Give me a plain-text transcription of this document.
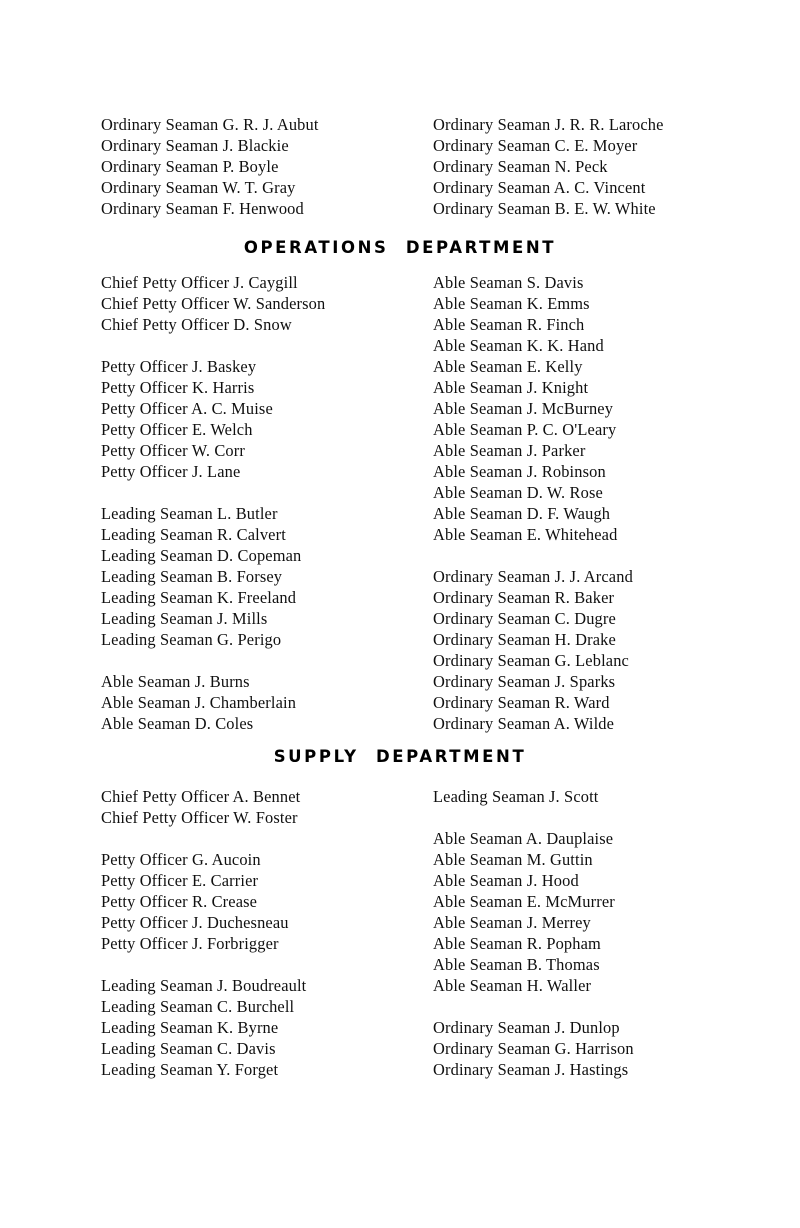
Ordinary Seaman G. R. J. Aubut
Ordinary Seaman J. Blackie
Ordinary Seaman P. Boyle
Ordinary Seaman W. T. Gray
Ordinary Seaman F. Henwood
Ordinary Seaman J. R. R. Laroche
Ordinary Seaman C. E. Moyer
Ordinary Seaman N. Peck
Ordinary Seaman A. C. Vincent
Ordinary Seaman B. E. W. White
OPERATIONS DEPARTMENT
Chief Petty Officer J. Caygill
Chief Petty Officer W. Sanderson
Chief Petty Officer D. Snow
Petty Officer J. Baskey
Petty Officer K. Harris
Petty Officer A. C. Muise
Petty Officer E. Welch
Petty Officer W. Corr
Petty Officer J. Lane
Leading Seaman L. Butler
Leading Seaman R. Calvert
Leading Seaman D. Copeman
Leading Seaman B. Forsey
Leading Seaman K. Freeland
Leading Seaman J. Mills
Leading Seaman G. Perigo
Able Seaman J. Burns
Able Seaman J. Chamberlain
Able Seaman D. Coles
Able Seaman S. Davis
Able Seaman K. Emms
Able Seaman R. Finch
Able Seaman K. K. Hand
Able Seaman E. Kelly
Able Seaman J. Knight
Able Seaman J. McBurney
Able Seaman P. C. O'Leary
Able Seaman J. Parker
Able Seaman J. Robinson
Able Seaman D. W. Rose
Able Seaman D. F. Waugh
Able Seaman E. Whitehead
Ordinary Seaman J. J. Arcand
Ordinary Seaman R. Baker
Ordinary Seaman C. Dugre
Ordinary Seaman H. Drake
Ordinary Seaman G. Leblanc
Ordinary Seaman J. Sparks
Ordinary Seaman R. Ward
Ordinary Seaman A. Wilde
SUPPLY DEPARTMENT
Chief Petty Officer A. Bennet
Chief Petty Officer W. Foster
Petty Officer G. Aucoin
Petty Officer E. Carrier
Petty Officer R. Crease
Petty Officer J. Duchesneau
Petty Officer J. Forbrigger
Leading Seaman J. Boudreault
Leading Seaman C. Burchell
Leading Seaman K. Byrne
Leading Seaman C. Davis
Leading Seaman Y. Forget
Leading Seaman J. Scott
Able Seaman A. Dauplaise
Able Seaman M. Guttin
Able Seaman J. Hood
Able Seaman E. McMurrer
Able Seaman J. Merrey
Able Seaman R. Popham
Able Seaman B. Thomas
Able Seaman H. Waller
Ordinary Seaman J. Dunlop
Ordinary Seaman G. Harrison
Ordinary Seaman J. Hastings
